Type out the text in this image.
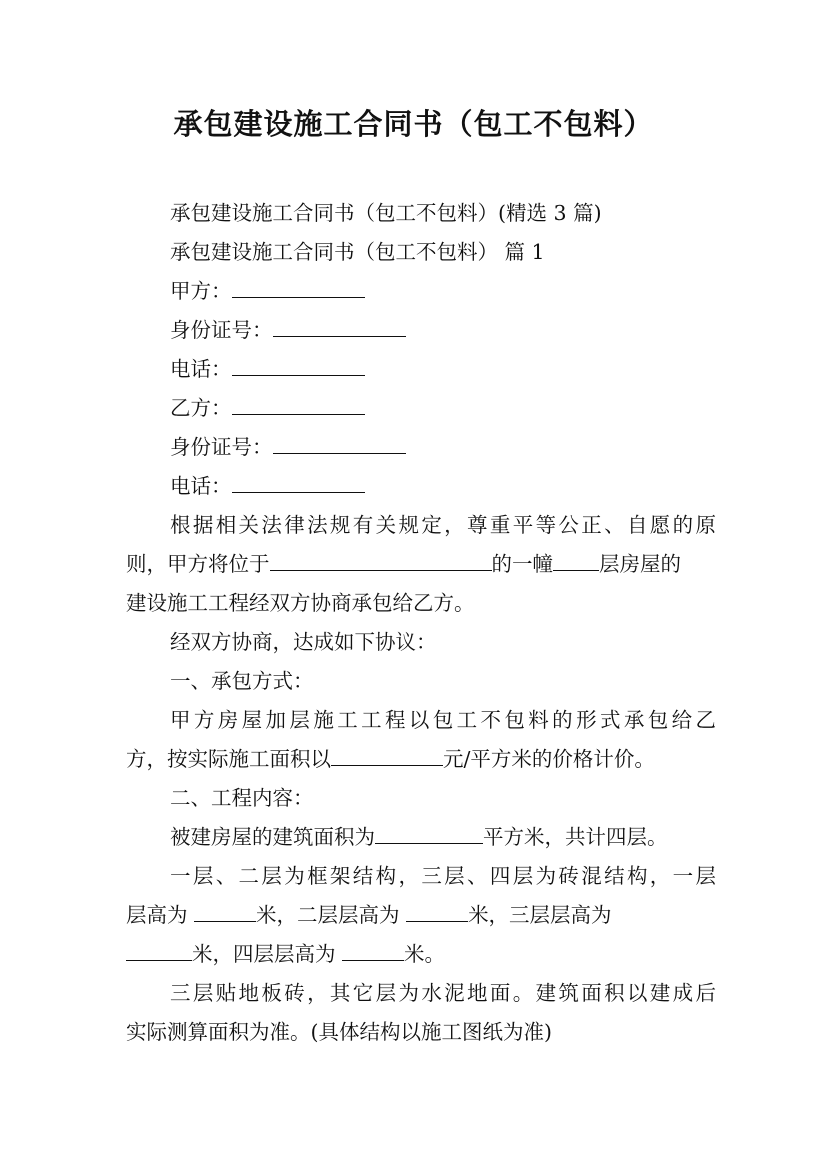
承包建设施工合同书（包工不包料）
承包建设施工合同书（包工不包料）(精选 3 篇)
承包建设施工合同书（包工不包料） 篇 1
甲方：
身份证号：
电话：
乙方：
身份证号：
电话：
根据相关法律法规有关规定，尊重平等公正、自愿的原
则，甲方将位于	的一幢 层房屋的
建设施工工程经双方协商承包给乙方。
经双方协商，达成如下协议：
一、承包方式：
甲方房屋加层施工工程以包工不包料的形式承包给乙
方，按实际施工面积以	元/平方米的价格计价。
二、工程内容：
被建房屋的建筑面积为	平方米，共计四层。
一层、二层为框架结构，三层、四层为砖混结构，一层
层高为	米，二层层高为	米，三层层高为
米，四层层高为	米。
三层贴地板砖，其它层为水泥地面。建筑面积以建成后
实际测算面积为准。(具体结构以施工图纸为准)
